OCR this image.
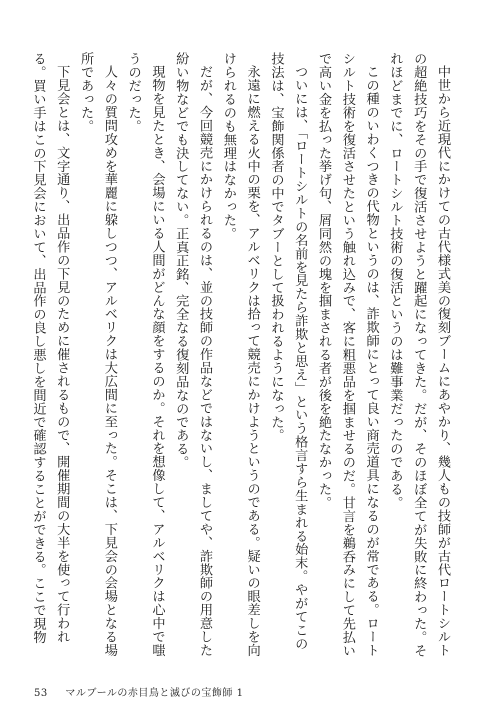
中世から近現代にかけての古代様式美の復刻ブームにあやかり、幾人もの技師が古代ロートシルトの超絶技巧をその手で復活させようと躍起になってきた。だが、そのほぼ全てが失敗に終わった。それほどまでに、ロートシルト技術の復活というのは難事業だったのである。

この種のいわくつきの代物というのは、詐欺師にとって良い商売道具になるのが常である。ロートシルト技術を復活させたという触れ込みで、客に粗悪品を掴ませるのだ。甘言を鵜呑みにして先払いで高い金を払った挙げ句、屑同然の塊を掴まされる者が後を絶たなかった。

ついには、「ロートシルトの名前を見たら詐欺と思え」という格言すら生まれる始末。やがてこの技法は、宝飾関係者の中でタブーとして扱われるようになった。

永遠に燃える火中の栗を、アルベリクは拾って競売にかけようというのである。疑いの眼差しを向けられるのも無理はなかった。

だが、今回競売にかけられるのは、並の技師の作品などではないし、ましてや、詐欺師の用意した紛い物などでも決してない。正真正銘、完全なる復刻品なのである。

現物を見たとき、会場にいる人間がどんな顔をするのか。それを想像して、アルベリクは心中で嗤うのだった。

人々の質問攻めを華麗に躱しつつ、アルベリクは大広間に至った。そこは、下見会の会場となる場所であった。

下見会とは、文字通り、出品作の下見のために催されるもので、開催期間の大半を使って行われる。買い手はこの下見会において、出品作の良し悪しを間近で確認することができる。ここで現物

53 マルブールの赤目鳥と滅びの宝飾師 1
